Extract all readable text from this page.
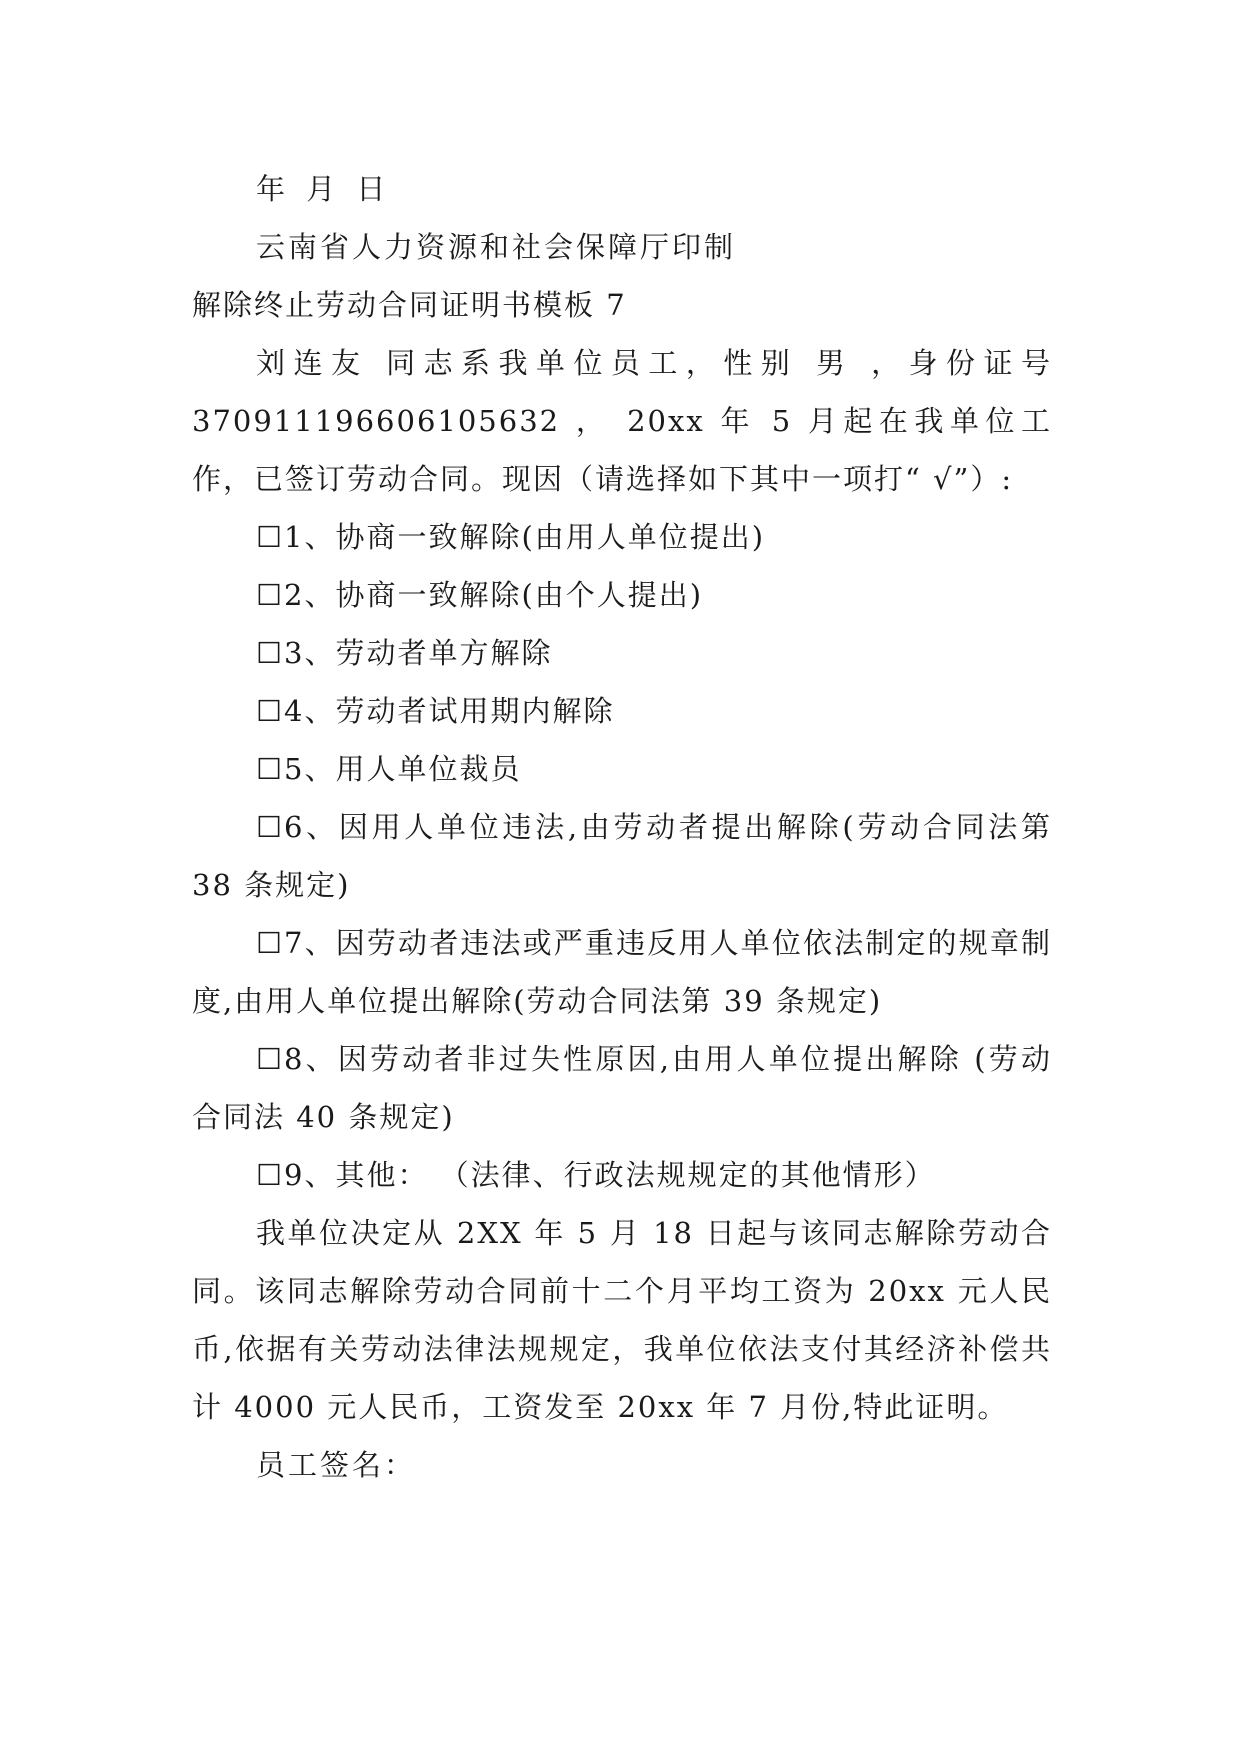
年 月 日

云南省人力资源和社会保障厅印制

解除终止劳动合同证明书模板 7

刘连友 同志系我单位员工，性别 男 ，身份证号 370911196606105632 ， 20xx 年 5 月起在我单位工作，已签订劳动合同。现因（请选择如下其中一项打“ √”）:

☐1、协商一致解除(由用人单位提出)

☐2、协商一致解除(由个人提出)

☐3、劳动者单方解除

☐4、劳动者试用期内解除

☐5、用人单位裁员

☐6、因用人单位违法,由劳动者提出解除(劳动合同法第 38 条规定)

☐7、因劳动者违法或严重违反用人单位依法制定的规章制度,由用人单位提出解除(劳动合同法第 39 条规定)

☐8、因劳动者非过失性原因,由用人单位提出解除 (劳动合同法 40 条规定)

☐9、其他： （法律、行政法规规定的其他情形）

我单位决定从 2XX 年 5 月 18 日起与该同志解除劳动合同。该同志解除劳动合同前十二个月平均工资为 20xx 元人民币,依据有关劳动法律法规规定，我单位依法支付其经济补偿共计 4000 元人民币，工资发至 20xx 年 7 月份,特此证明。

员工签名：
